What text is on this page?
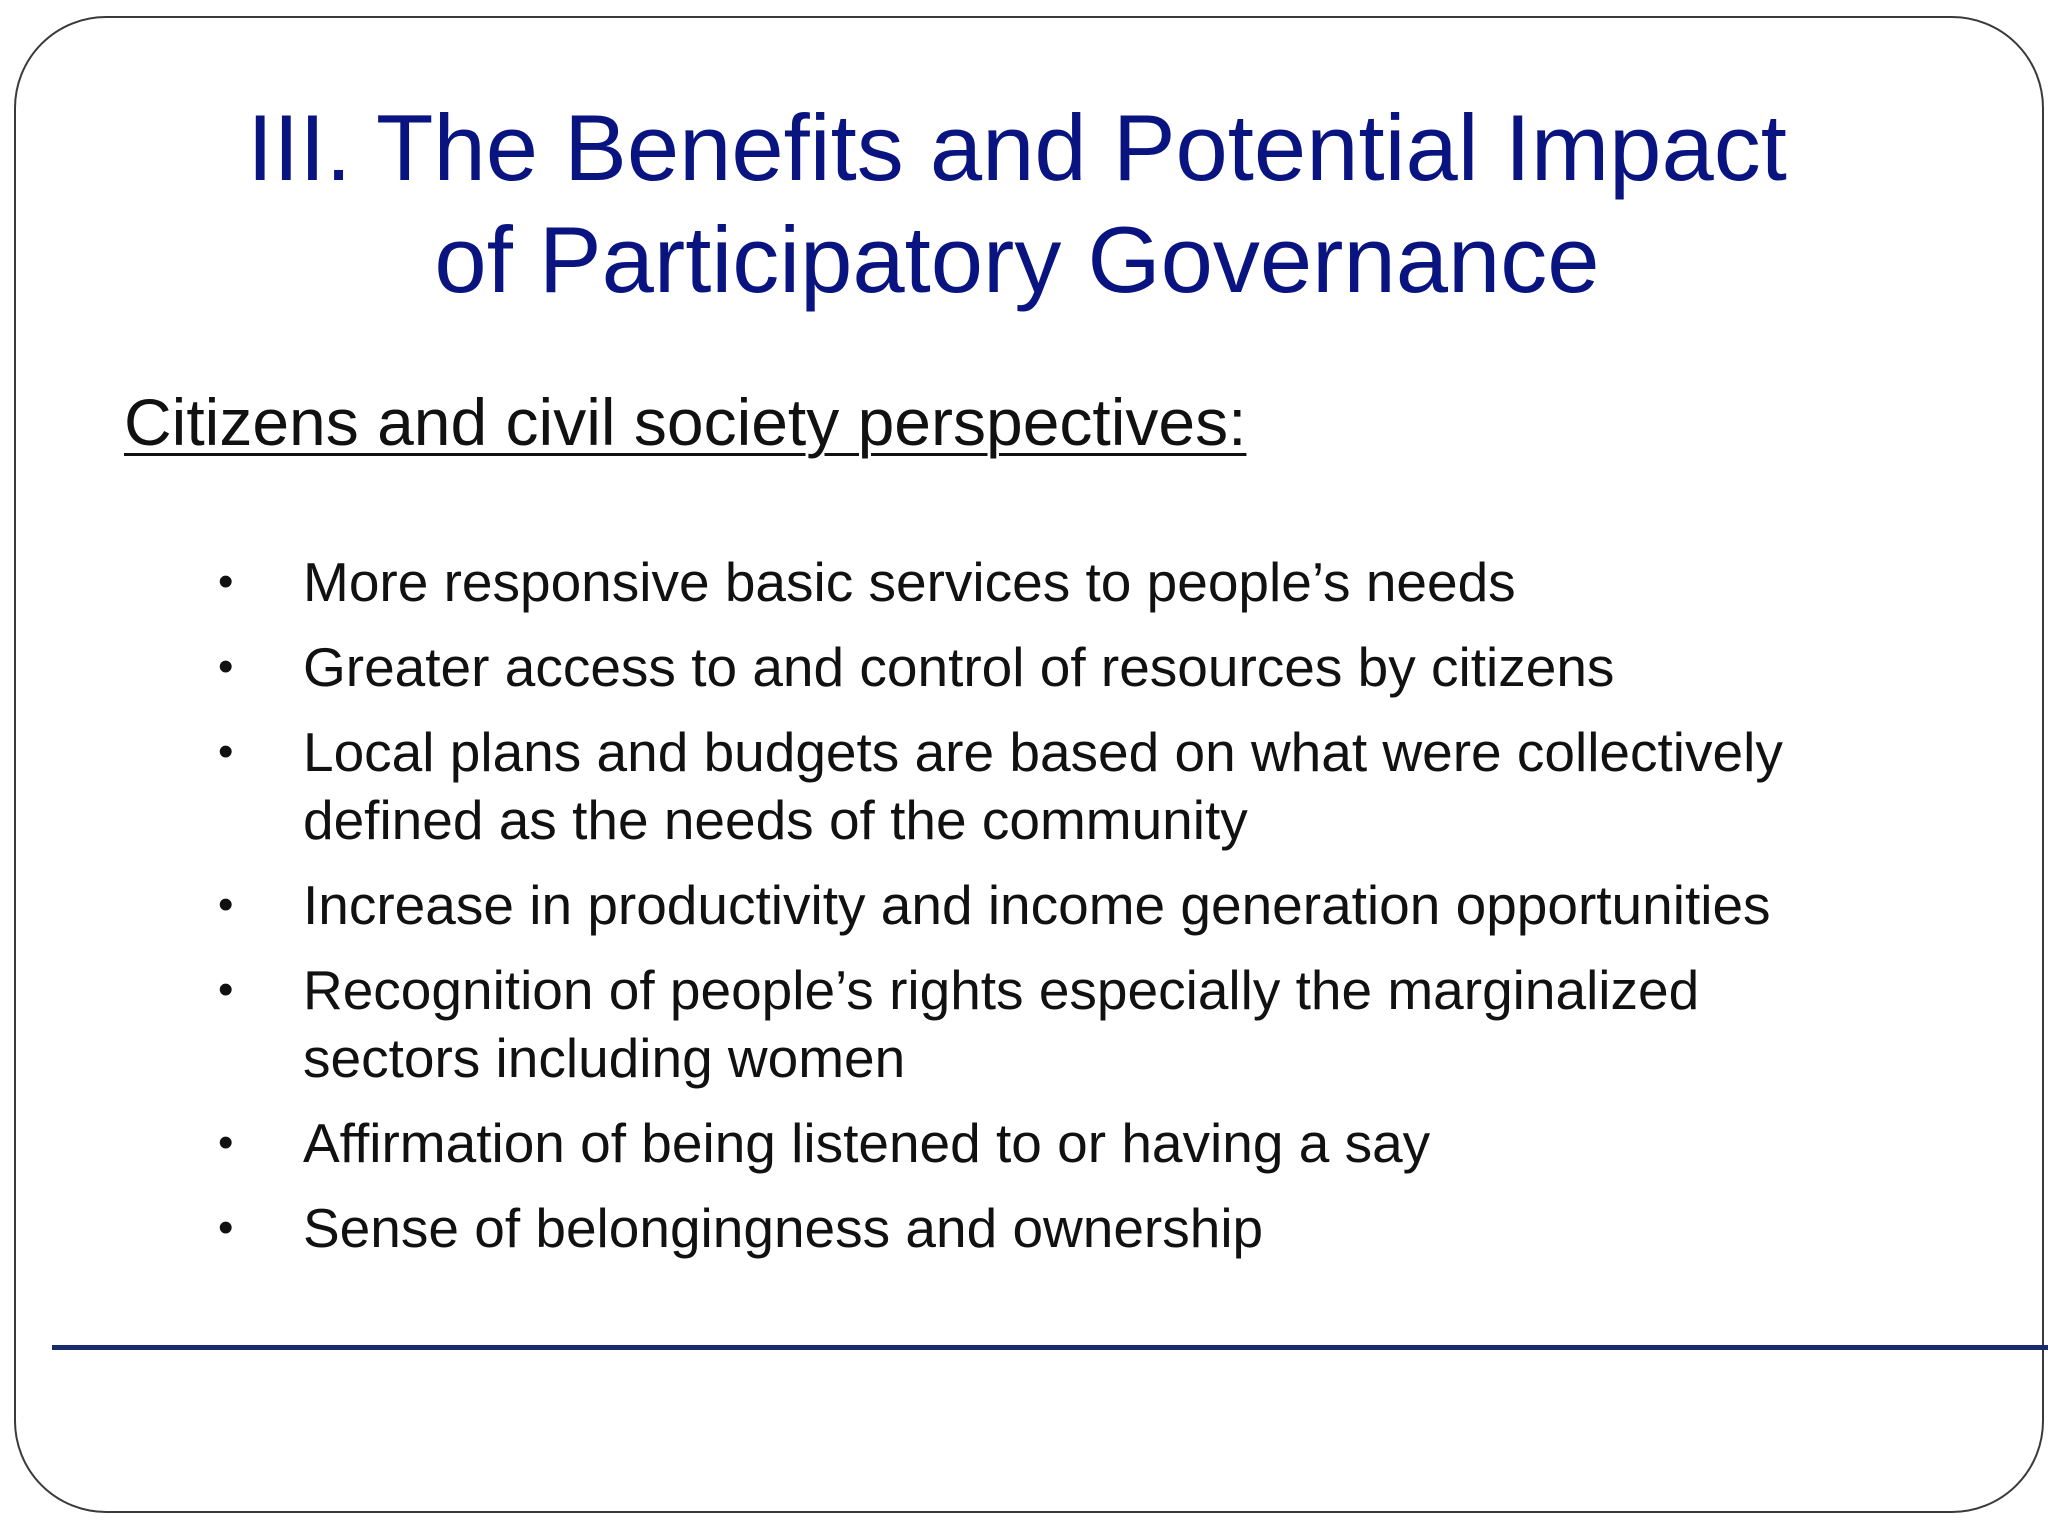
III. The Benefits and Potential Impact
of Participatory Governance
Citizens and civil society perspectives:
• More responsive basic services to people’s needs
• Greater access to and control of resources by citizens
• Local plans and budgets are based on what were collectively defined as the needs of the community
• Increase in productivity and income generation opportunities
• Recognition of people’s rights especially the marginalized sectors including women
• Affirmation of being listened to or having a say
• Sense of belongingness and ownership
